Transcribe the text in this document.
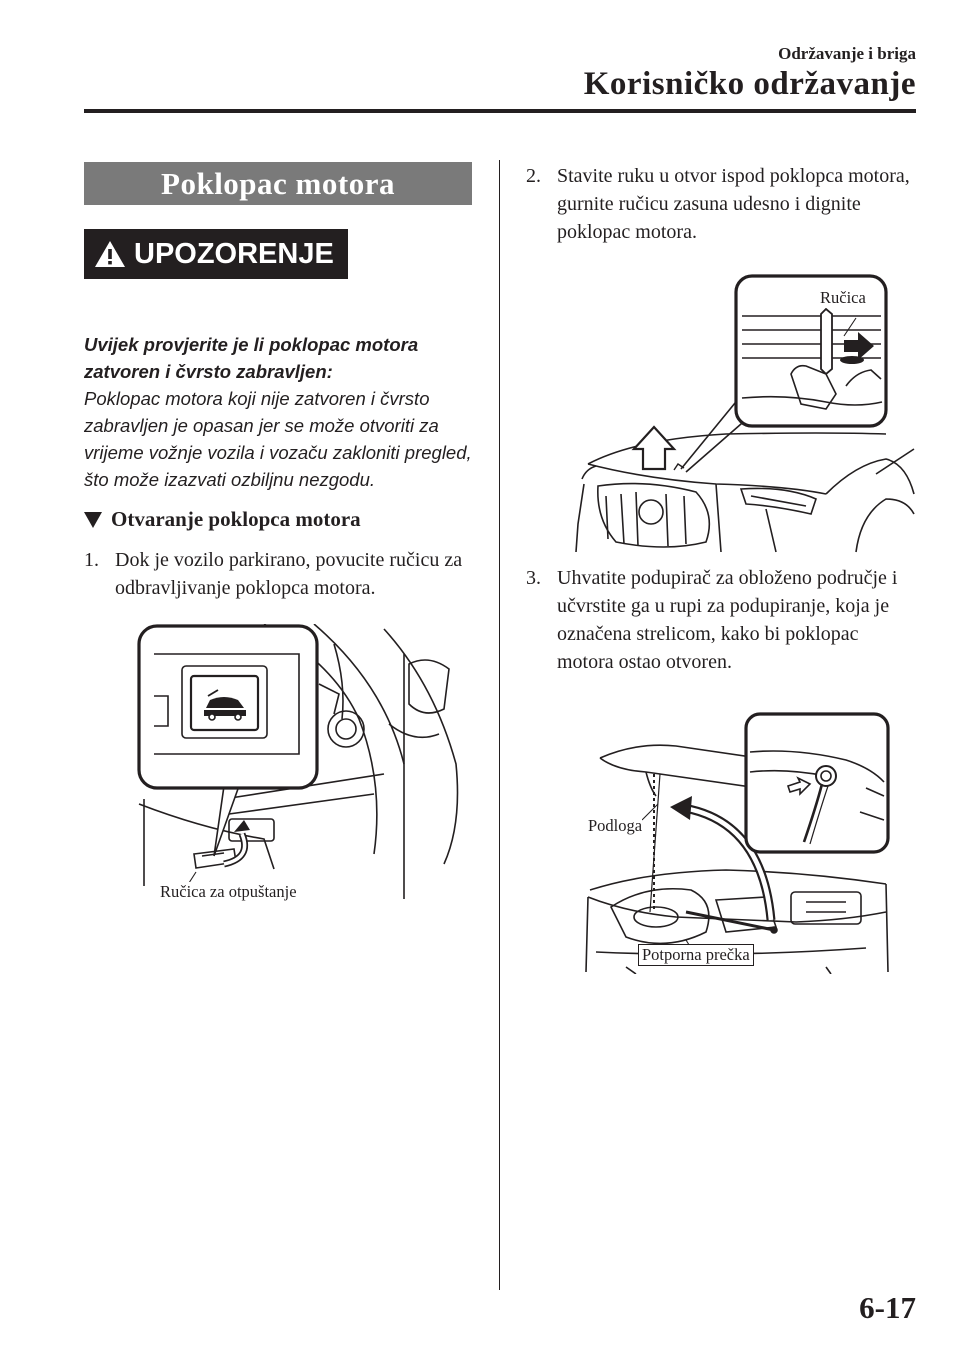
Održavanje i briga
Korisničko održavanje
Poklopac motora
UPOZORENJE
Uvijek provjerite je li poklopac motora zatvoren i čvrsto zabravljen:
Poklopac motora koji nije zatvoren i čvrsto zabravljen je opasan jer se može otvoriti za vrijeme vožnje vozila i vozaču zakloniti pregled, što može izazvati ozbiljnu nezgodu.
Otvaranje poklopca motora
1. Dok je vozilo parkirano, povucite ručicu za odbravljivanje poklopca motora.
Ručica za otpuštanje
2. Stavite ruku u otvor ispod poklopca motora, gurnite ručicu zasuna udesno i dignite poklopac motora.
Ručica
3. Uhvatite podupirač za obloženo područje i učvrstite ga u rupi za podupiranje, koja je označena strelicom, kako bi poklopac motora ostao otvoren.
Podloga
Potporna prečka
6-17
